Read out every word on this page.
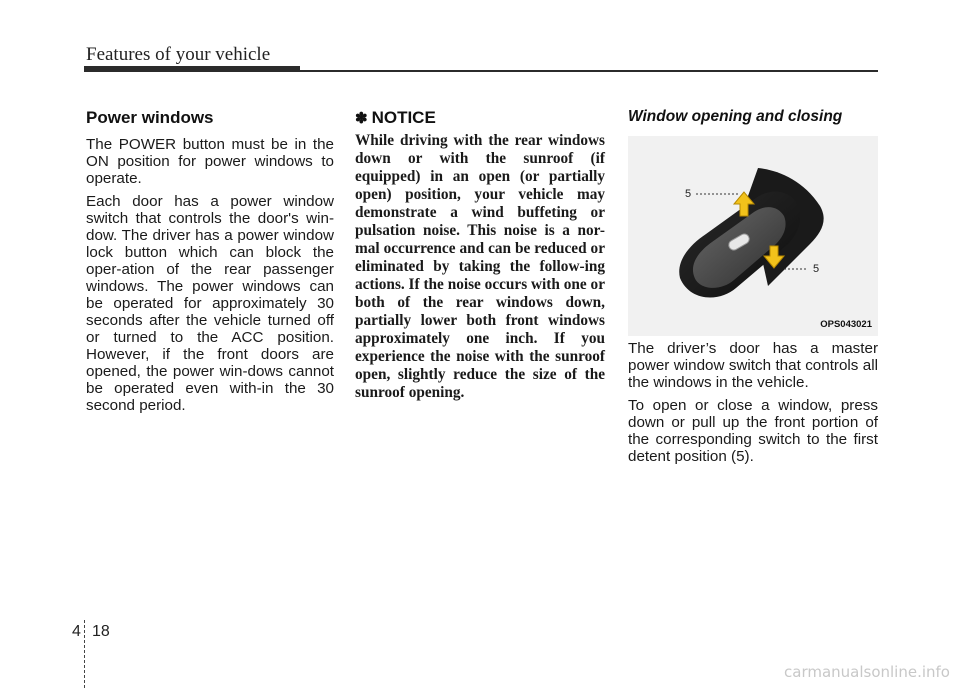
Features of your vehicle
Power windows

The POWER button must be in the ON position for power windows to operate.

Each door has a power window switch that controls the door's win-dow. The driver has a power window lock button which can block the oper-ation of the rear passenger windows. The power windows can be operated for approximately 30 seconds after the vehicle turned off or turned to the ACC position. However, if the front doors are opened, the power win-dows cannot be operated even with-in the 30 second period.

✽ NOTICE

While driving with the rear windows down or with the sunroof (if equipped) in an open (or partially open) position, your vehicle may demonstrate a wind buffeting or pulsation noise. This noise is a nor-mal occurrence and can be reduced or eliminated by taking the follow-ing actions. If the noise occurs with one or both of the rear windows down, partially lower both front windows approximately one inch. If you experience the noise with the sunroof open, slightly reduce the size of the sunroof opening.

Window opening and closing
5
5
OPS043021

The driver’s door has a master power window switch that controls all the windows in the vehicle.

To open or close a window, press down or pull up the front portion of the corresponding switch to the first detent position (5).

4 18
carmanualsonline.info
